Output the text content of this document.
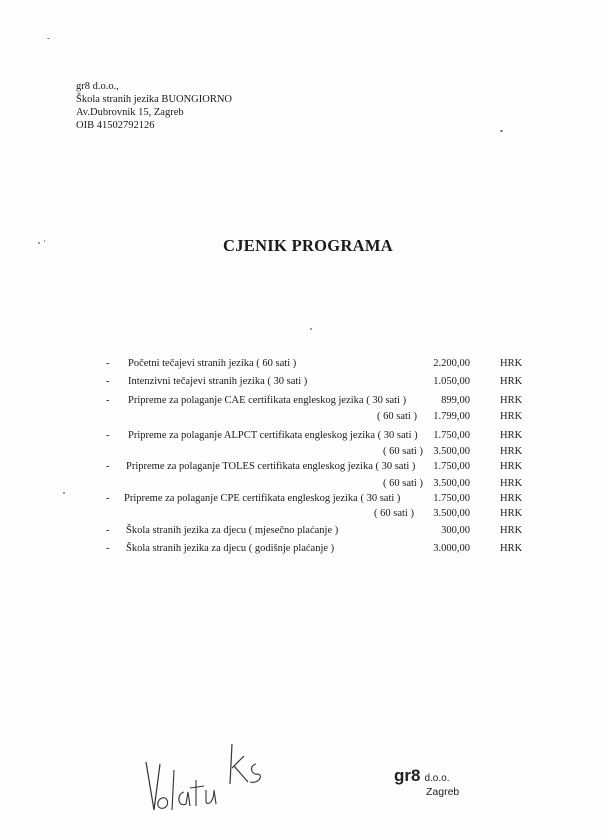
gr8 d.o.o.,
Škola stranih jezika BUONGIORNO
Av.Dubrovnik 15, Zagreb
OIB 41502792126
CJENIK PROGRAMA
- Početni tečajevi stranih jezika ( 60 sati )	2.200,00	HRK
- Intenzivni tečajevi stranih jezika ( 30 sati )	1.050,00	HRK
- Pripreme za polaganje CAE certifikata engleskog jezika ( 30 sati )	899,00	HRK
( 60 sati ) 1.799,00	HRK
- Pripreme za polaganje ALPCT certifikata engleskog jezika ( 30 sati ) 1.750,00	HRK
( 60 sati ) 3.500,00	HRK
- Pripreme za polaganje TOLES certifikata engleskog jezika ( 30 sati ) 1.750,00	HRK
( 60 sati ) 3.500,00	HRK
- Pripreme za polaganje CPE certifikata engleskog jezika ( 30 sati )	1.750,00	HRK
( 60 sati ) 3.500,00	HRK
- Škola stranih jezika za djecu ( mjesečno plaćanje )	300,00	HRK
- Škola stranih jezika za djecu ( godišnje plaćanje )	3.000,00	HRK
gr8 d.o.o.
Zagreb
